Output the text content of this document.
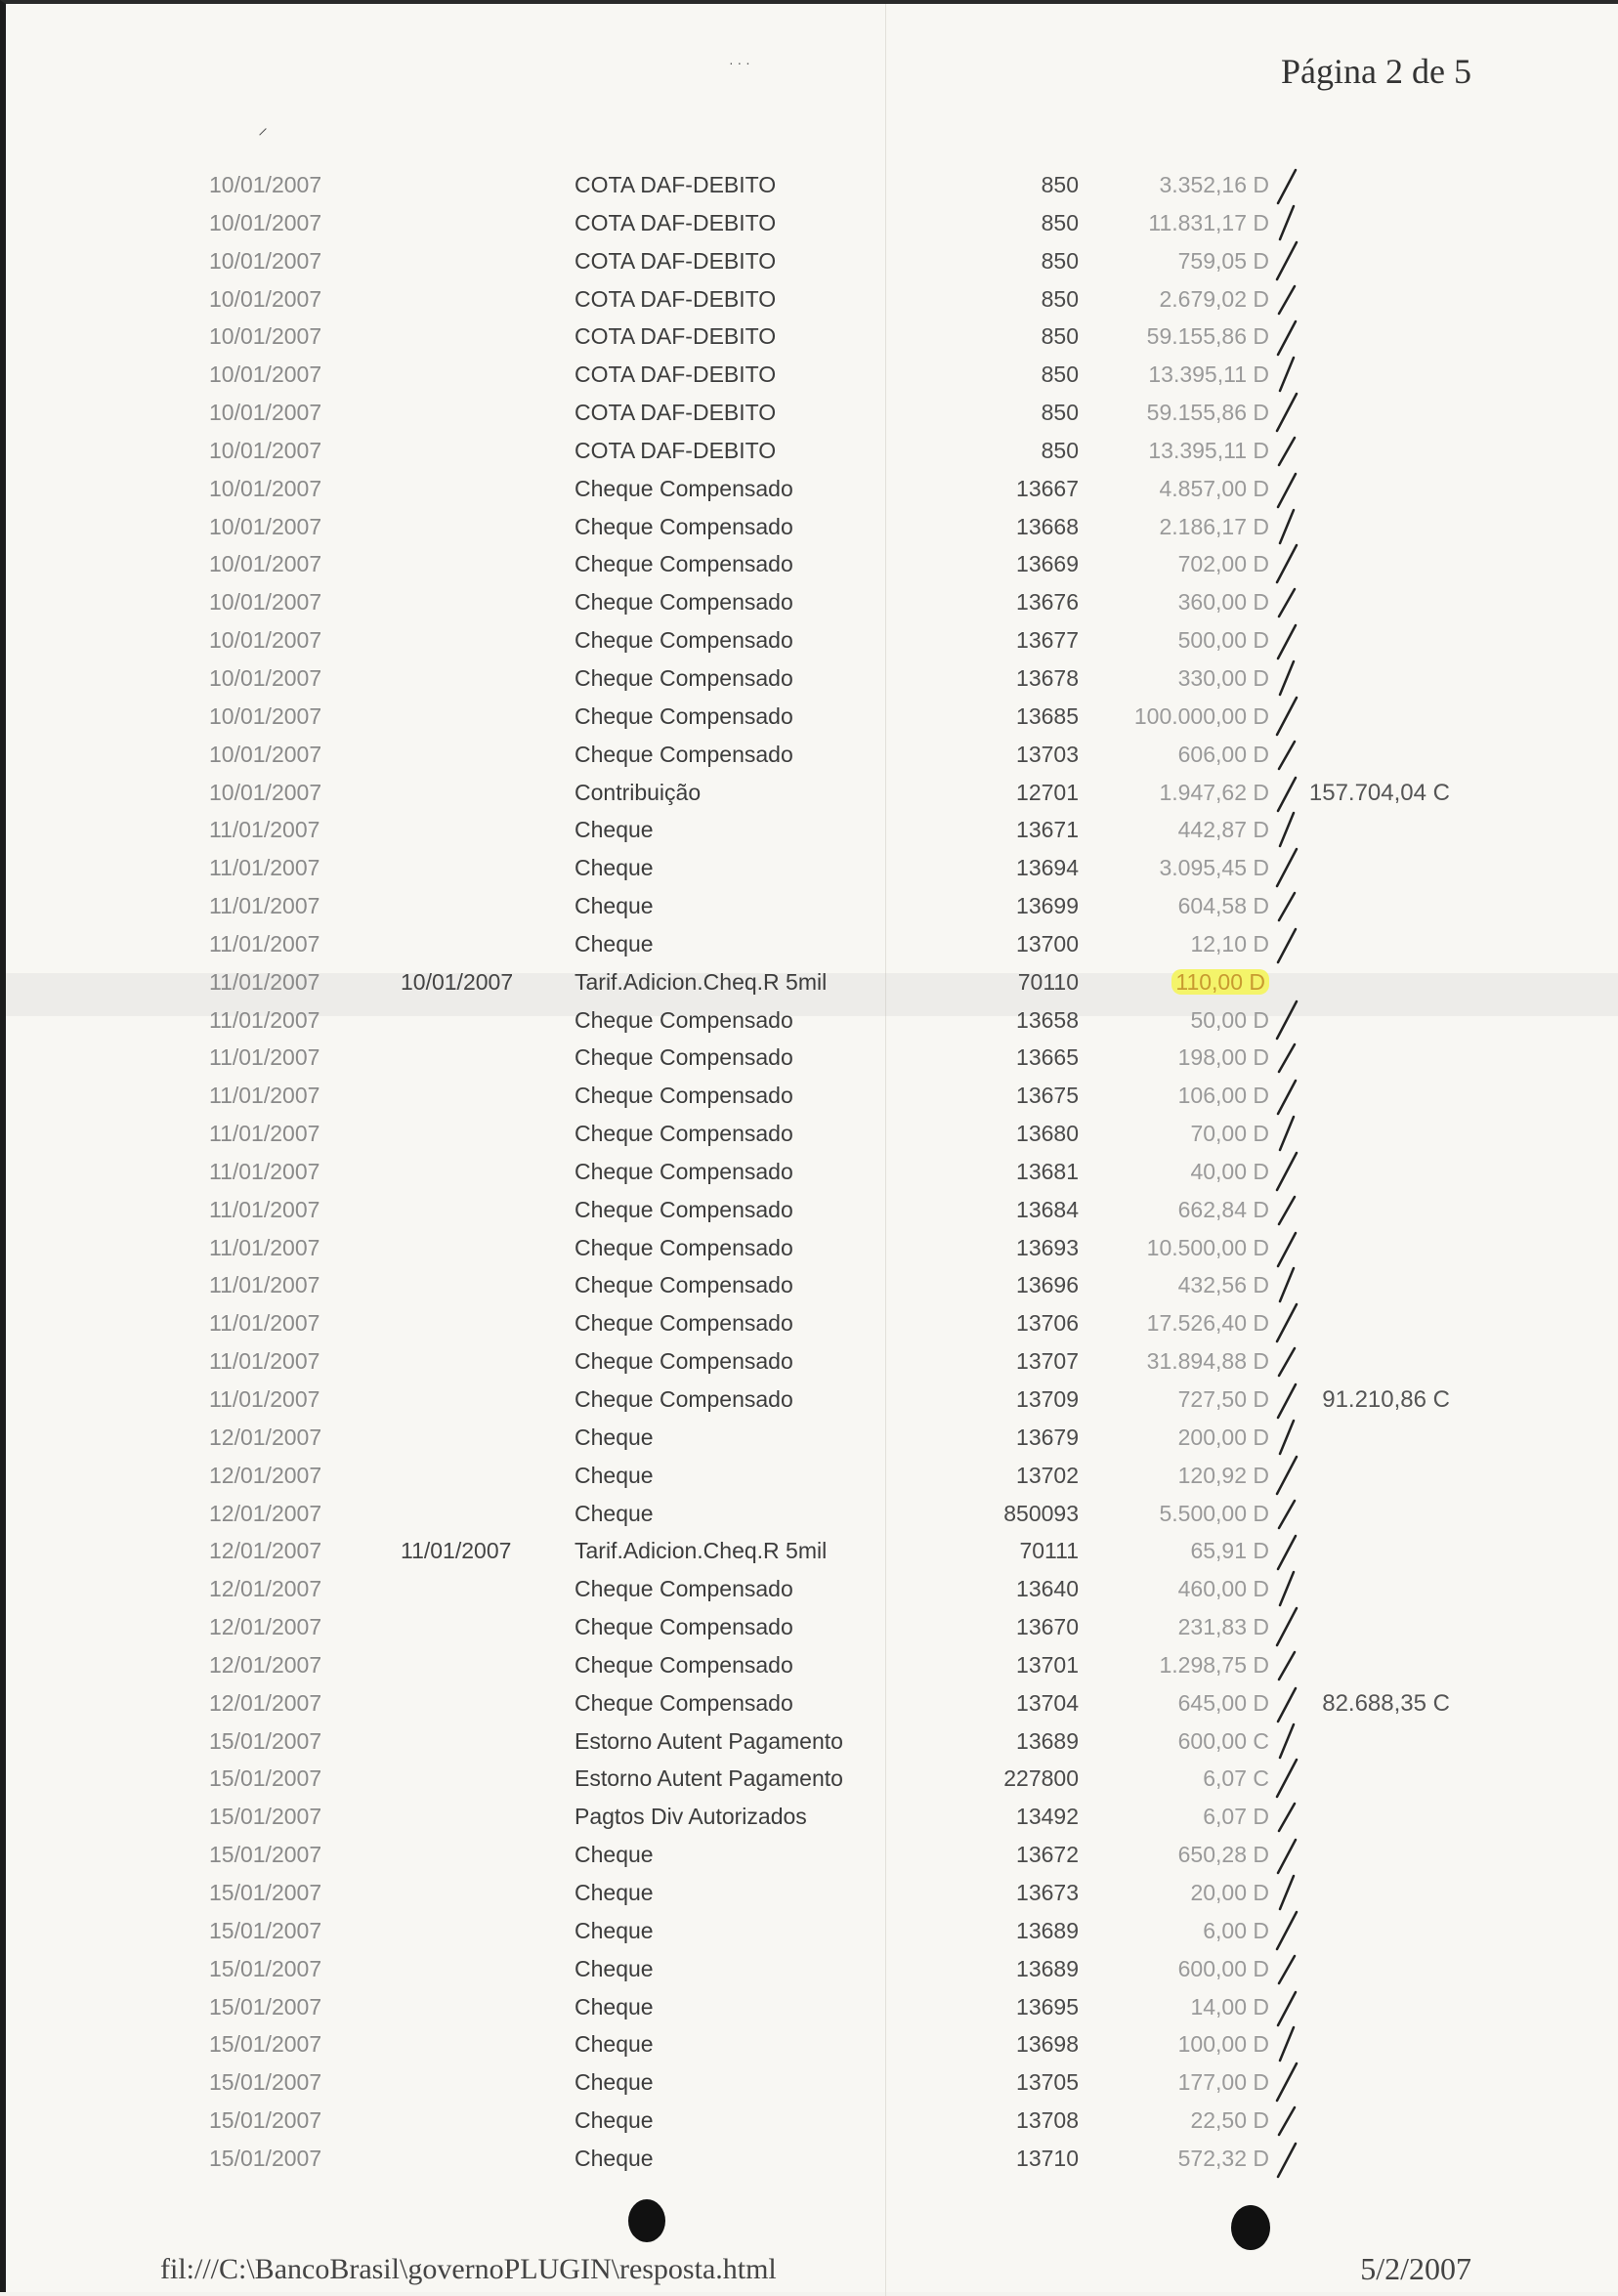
Página 2 de 5
⸝
· · ·
10/01/2007	COTA DAF-DEBITO	850	3.352,16 D
10/01/2007	COTA DAF-DEBITO	850	11.831,17 D
10/01/2007	COTA DAF-DEBITO	850	759,05 D
10/01/2007	COTA DAF-DEBITO	850	2.679,02 D
10/01/2007	COTA DAF-DEBITO	850	59.155,86 D
10/01/2007	COTA DAF-DEBITO	850	13.395,11 D
10/01/2007	COTA DAF-DEBITO	850	59.155,86 D
10/01/2007	COTA DAF-DEBITO	850	13.395,11 D
10/01/2007	Cheque Compensado	13667	4.857,00 D
10/01/2007	Cheque Compensado	13668	2.186,17 D
10/01/2007	Cheque Compensado	13669	702,00 D
10/01/2007	Cheque Compensado	13676	360,00 D
10/01/2007	Cheque Compensado	13677	500,00 D
10/01/2007	Cheque Compensado	13678	330,00 D
10/01/2007	Cheque Compensado	13685 100.000,00 D
10/01/2007	Cheque Compensado	13703	606,00 D
10/01/2007	Contribuição	12701	1.947,62 D 157.704,04 C
11/01/2007	Cheque	13671	442,87 D
11/01/2007	Cheque	13694	3.095,45 D
11/01/2007	Cheque	13699	604,58 D
11/01/2007	Cheque	13700	12,10 D
11/01/2007	10/01/2007	Tarif.Adicion.Cheq.R 5mil	70110	110,00 D
11/01/2007	Cheque Compensado	13658	50,00 D
11/01/2007	Cheque Compensado	13665	198,00 D
11/01/2007	Cheque Compensado	13675	106,00 D
11/01/2007	Cheque Compensado	13680	70,00 D
11/01/2007	Cheque Compensado	13681	40,00 D
11/01/2007	Cheque Compensado	13684	662,84 D
11/01/2007	Cheque Compensado	13693	10.500,00 D
11/01/2007	Cheque Compensado	13696	432,56 D
11/01/2007	Cheque Compensado	13706	17.526,40 D
11/01/2007	Cheque Compensado	13707	31.894,88 D
11/01/2007	Cheque Compensado	13709	727,50 D 91.210,86 C
12/01/2007	Cheque	13679	200,00 D
12/01/2007	Cheque	13702	120,92 D
12/01/2007	Cheque	850093	5.500,00 D
12/01/2007	11/01/2007	Tarif.Adicion.Cheq.R 5mil	70111	65,91 D
12/01/2007	Cheque Compensado	13640	460,00 D
12/01/2007	Cheque Compensado	13670	231,83 D
12/01/2007	Cheque Compensado	13701	1.298,75 D
12/01/2007	Cheque Compensado	13704	645,00 D 82.688,35 C
15/01/2007	Estorno Autent Pagamento	13689	600,00 C
15/01/2007	Estorno Autent Pagamento	227800	6,07 C
15/01/2007	Pagtos Div Autorizados	13492	6,07 D
15/01/2007	Cheque	13672	650,28 D
15/01/2007	Cheque	13673	20,00 D
15/01/2007	Cheque	13689	6,00 D
15/01/2007	Cheque	13689	600,00 D
15/01/2007	Cheque	13695	14,00 D
15/01/2007	Cheque	13698	100,00 D
15/01/2007	Cheque	13705	177,00 D
15/01/2007	Cheque	13708	22,50 D
15/01/2007	Cheque	13710	572,32 D
fil:///C:\BancoBrasil\governoPLUGIN\resposta.html	5/2/2007
